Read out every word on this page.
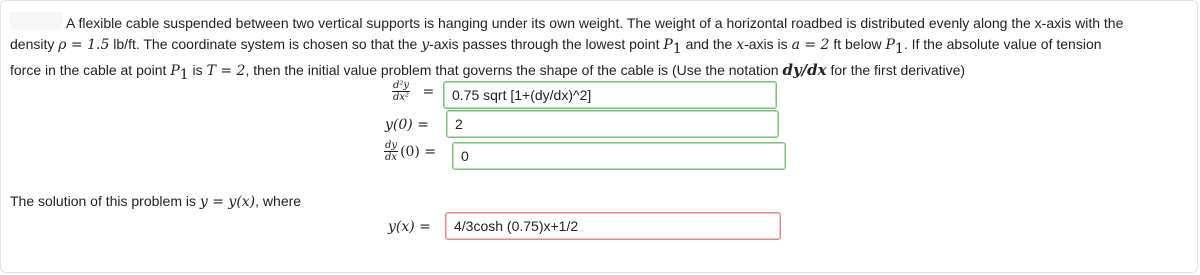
A flexible cable suspended between two vertical supports is hanging under its own weight. The weight of a horizontal roadbed is distributed evenly along the x-axis with the
density ρ = 1.5 lb/ft. The coordinate system is chosen so that the y-axis passes through the lowest point $P_1$ and the x-axis is a = 2 ft below $P_1$. If the absolute value of tension
force in the cable at point $P_1$ is T = 2, then the initial value problem that governs the shape of the cable is (Use the notation dy/dx for the first derivative)
$\frac{\text{d²y}}{\text{dx²}}$ =	0.75 sqrt [1+(dy/dx)^2]
y(0) =	2
$\frac{dy}{dx} (0)$ =	0
The solution of this problem is y = y(x), where
y(x) =	4/3cosh (0.75)x+1/2
